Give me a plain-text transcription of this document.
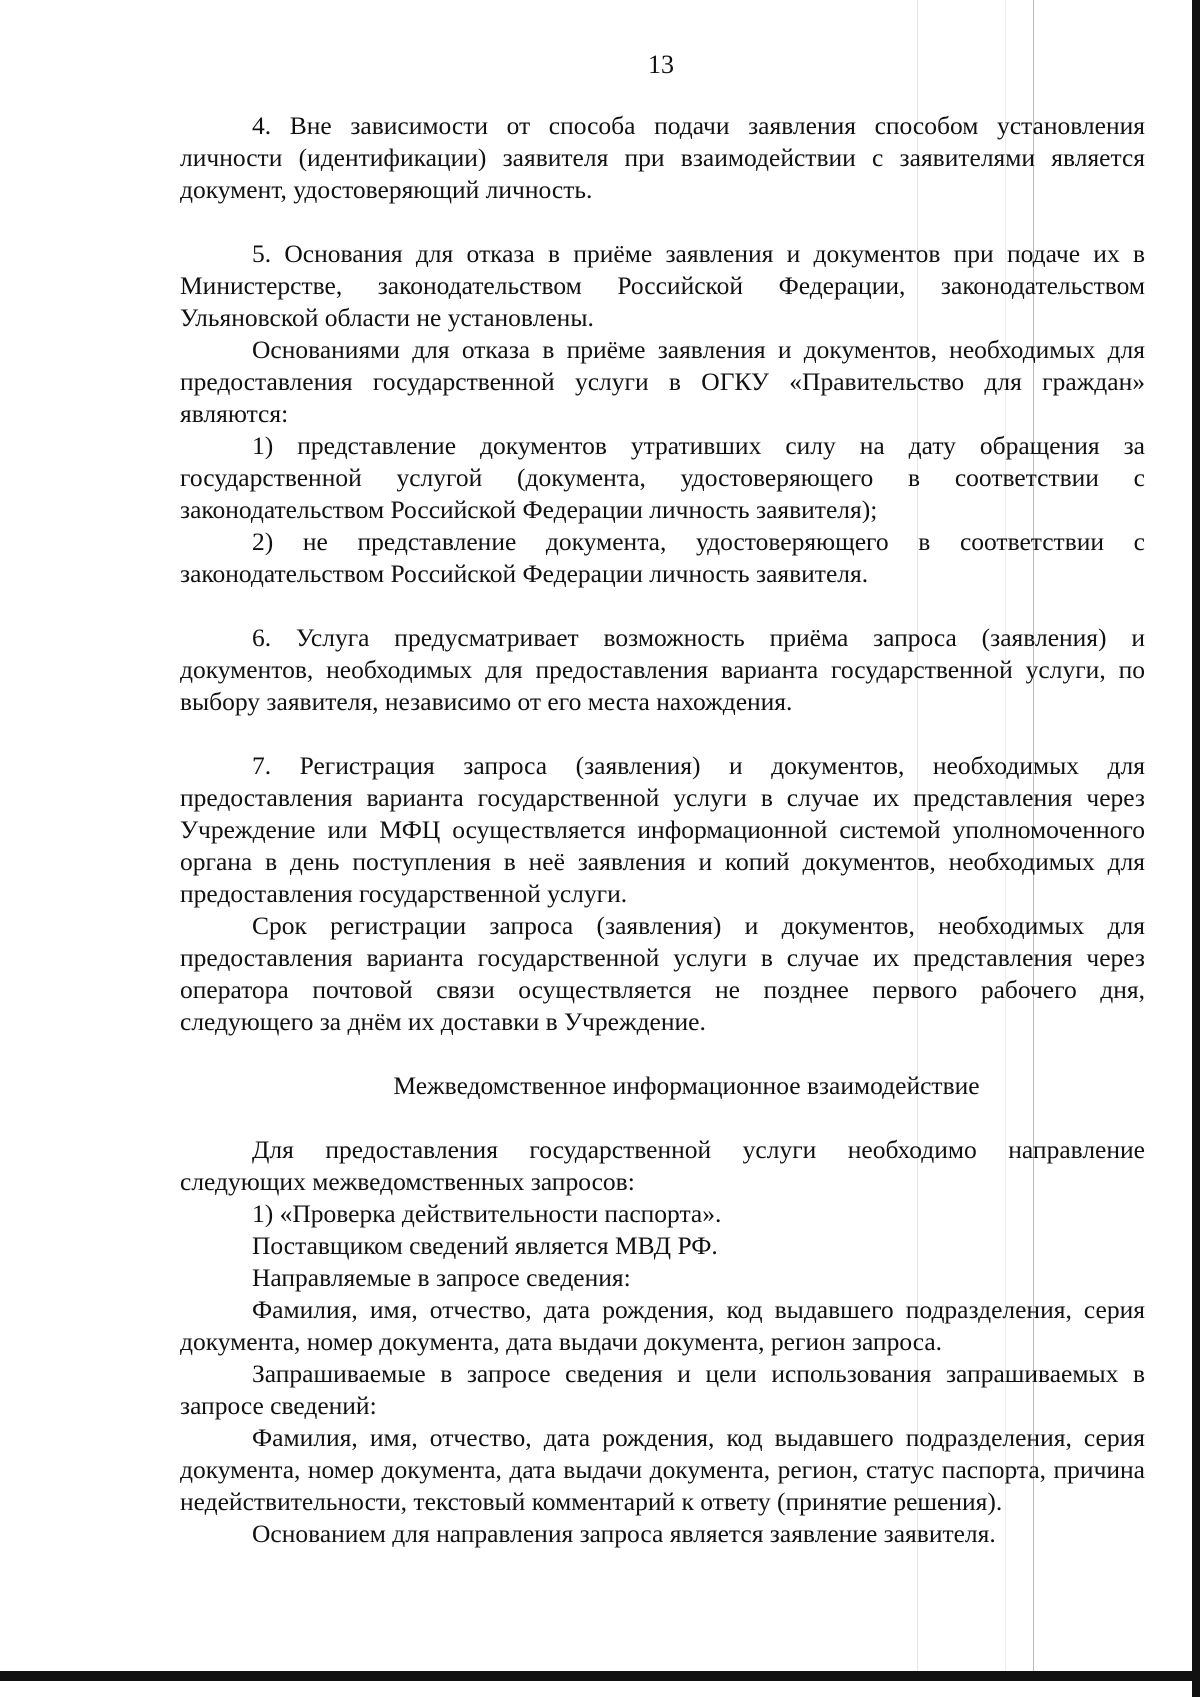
13

4. Вне зависимости от способа подачи заявления способом установления личности (идентификации) заявителя при взаимодействии с заявителями является документ, удостоверяющий личность.

5. Основания для отказа в приёме заявления и документов при подаче их в Министерстве, законодательством Российской Федерации, законодательством Ульяновской области не установлены.

Основаниями для отказа в приёме заявления и документов, необходимых для предоставления государственной услуги в ОГКУ «Правительство для граждан» являются:

1) представление документов утративших силу на дату обращения за государственной услугой (документа, удостоверяющего в соответствии с законодательством Российской Федерации личность заявителя);

2) не представление документа, удостоверяющего в соответствии с законодательством Российской Федерации личность заявителя.

6. Услуга предусматривает возможность приёма запроса (заявления) и документов, необходимых для предоставления варианта государственной услуги, по выбору заявителя, независимо от его места нахождения.

7. Регистрация запроса (заявления) и документов, необходимых для предоставления варианта государственной услуги в случае их представления через Учреждение или МФЦ осуществляется информационной системой уполномоченного органа в день поступления в неё заявления и копий документов, необходимых для предоставления государственной услуги.

Срок регистрации запроса (заявления) и документов, необходимых для предоставления варианта государственной услуги в случае их представления через оператора почтовой связи осуществляется не позднее первого рабочего дня, следующего за днём их доставки в Учреждение.

Межведомственное информационное взаимодействие

Для предоставления государственной услуги необходимо направление следующих межведомственных запросов:

1) «Проверка действительности паспорта».

Поставщиком сведений является МВД РФ.

Направляемые в запросе сведения:

Фамилия, имя, отчество, дата рождения, код выдавшего подразделения, серия документа, номер документа, дата выдачи документа, регион запроса.

Запрашиваемые в запросе сведения и цели использования запрашиваемых в запросе сведений:

Фамилия, имя, отчество, дата рождения, код выдавшего подразделения, серия документа, номер документа, дата выдачи документа, регион, статус паспорта, причина недействительности, текстовый комментарий к ответу (принятие решения).

Основанием для направления запроса является заявление заявителя.
